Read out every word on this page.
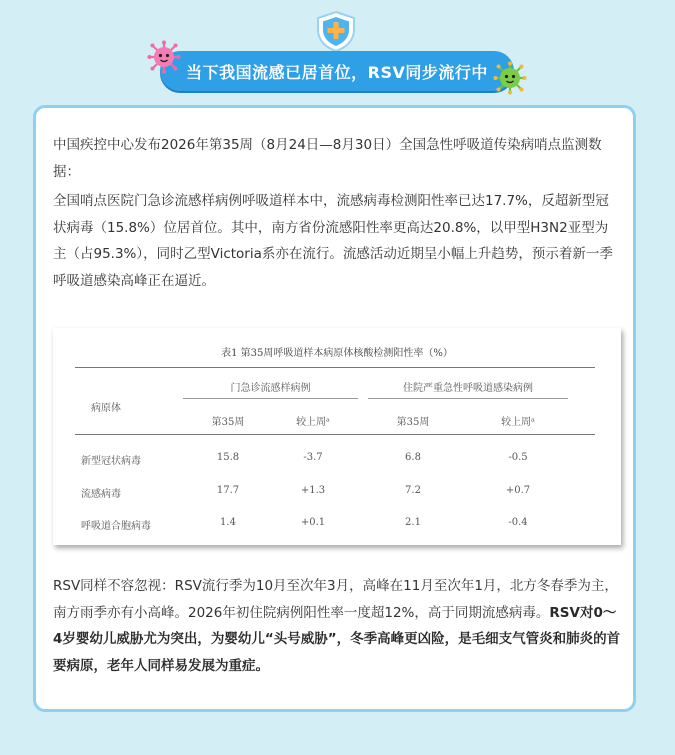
当下我国流感已居首位，RSV同步流行中

中国疾控中心发布2026年第35周（8月24日—8月30日）全国急性呼吸道传染病哨点监测数据：

全国哨点医院门急诊流感样病例呼吸道样本中，流感病毒检测阳性率已达17.7%，反超新型冠状病毒（15.8%）位居首位。其中，南方省份流感阳性率更高达20.8%，以甲型H3N2亚型为主（占95.3%），同时乙型Victoria系亦在流行。流感活动近期呈小幅上升趋势，预示着新一季呼吸道感染高峰正在逼近。

表1 第35周呼吸道样本病原体核酸检测阳性率（%）
病原体
门急诊流感样病例	住院严重急性呼吸道感染病例
第35周	较上周ᵃ	第35周	较上周ᵃ
新型冠状病毒	15.8	-3.7	6.8	-0.5
流感病毒	17.7	+1.3	7.2	+0.7
呼吸道合胞病毒	1.4	+0.1	2.1	-0.4

RSV同样不容忽视：RSV流行季为10月至次年3月，高峰在11月至次年1月，北方冬春季为主，南方雨季亦有小高峰。2026年初住院病例阳性率一度超12%，高于同期流感病毒。RSV对0～4岁婴幼儿威胁尤为突出，为婴幼儿“头号威胁”，冬季高峰更凶险，是毛细支气管炎和肺炎的首要病原，老年人同样易发展为重症。
